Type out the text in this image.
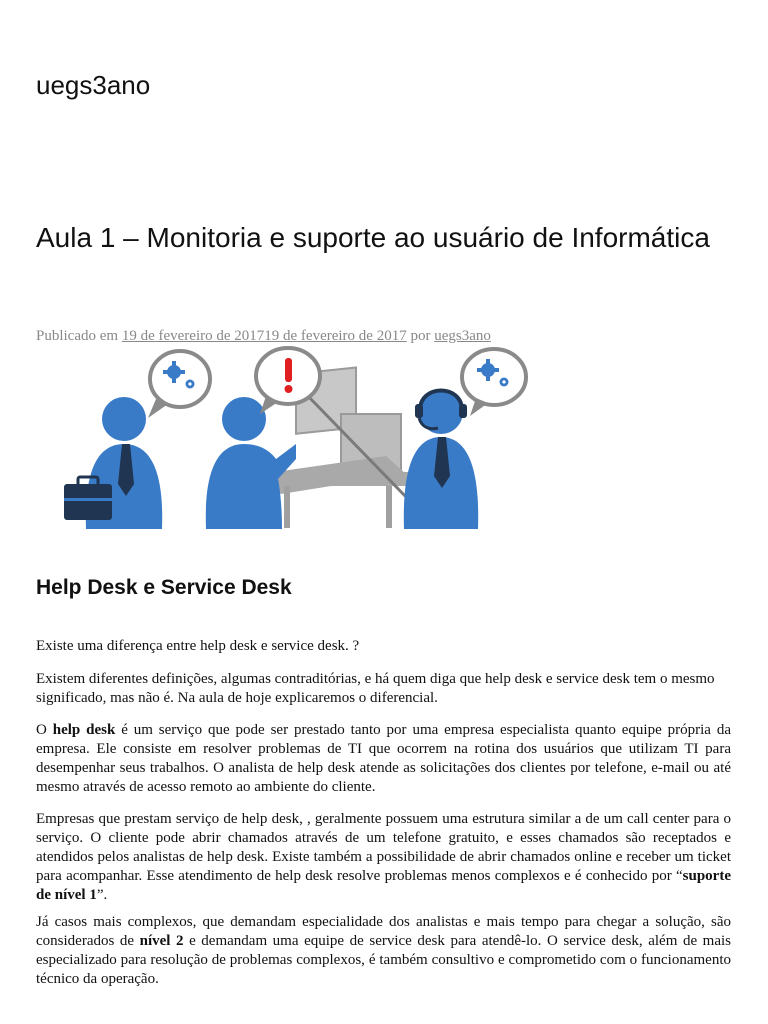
uegs3ano
Aula 1 – Monitoria e suporte ao usuário de Informática
Publicado em 19 de fevereiro de 201719 de fevereiro de 2017 por uegs3ano
Help Desk e Service Desk

Existe uma diferença entre help desk e service desk. ?

Existem diferentes definições, algumas contraditórias, e há quem diga que help desk e service desk tem o mesmo significado, mas não é. Na aula de hoje explicaremos o diferencial.

O help desk é um serviço que pode ser prestado tanto por uma empresa especialista quanto equipe própria da empresa. Ele consiste em resolver problemas de TI que ocorrem na rotina dos usuários que utilizam TI para desempenhar seus trabalhos. O analista de help desk atende as solicitações dos clientes por telefone, e-mail ou até mesmo através de acesso remoto ao ambiente do cliente.

Empresas que prestam serviço de help desk, , geralmente possuem uma estrutura similar a de um call center para o serviço. O cliente pode abrir chamados através de um telefone gratuito, e esses chamados são receptados e atendidos pelos analistas de help desk. Existe também a possibilidade de abrir chamados online e receber um ticket para acompanhar. Esse atendimento de help desk resolve problemas menos complexos e é conhecido por “suporte de nível 1”.

Já casos mais complexos, que demandam especialidade dos analistas e mais tempo para chegar a solução, são considerados de nível 2 e demandam uma equipe de service desk para atendê-lo. O service desk, além de mais especializado para resolução de problemas complexos, é também consultivo e comprometido com o funcionamento técnico da operação.
